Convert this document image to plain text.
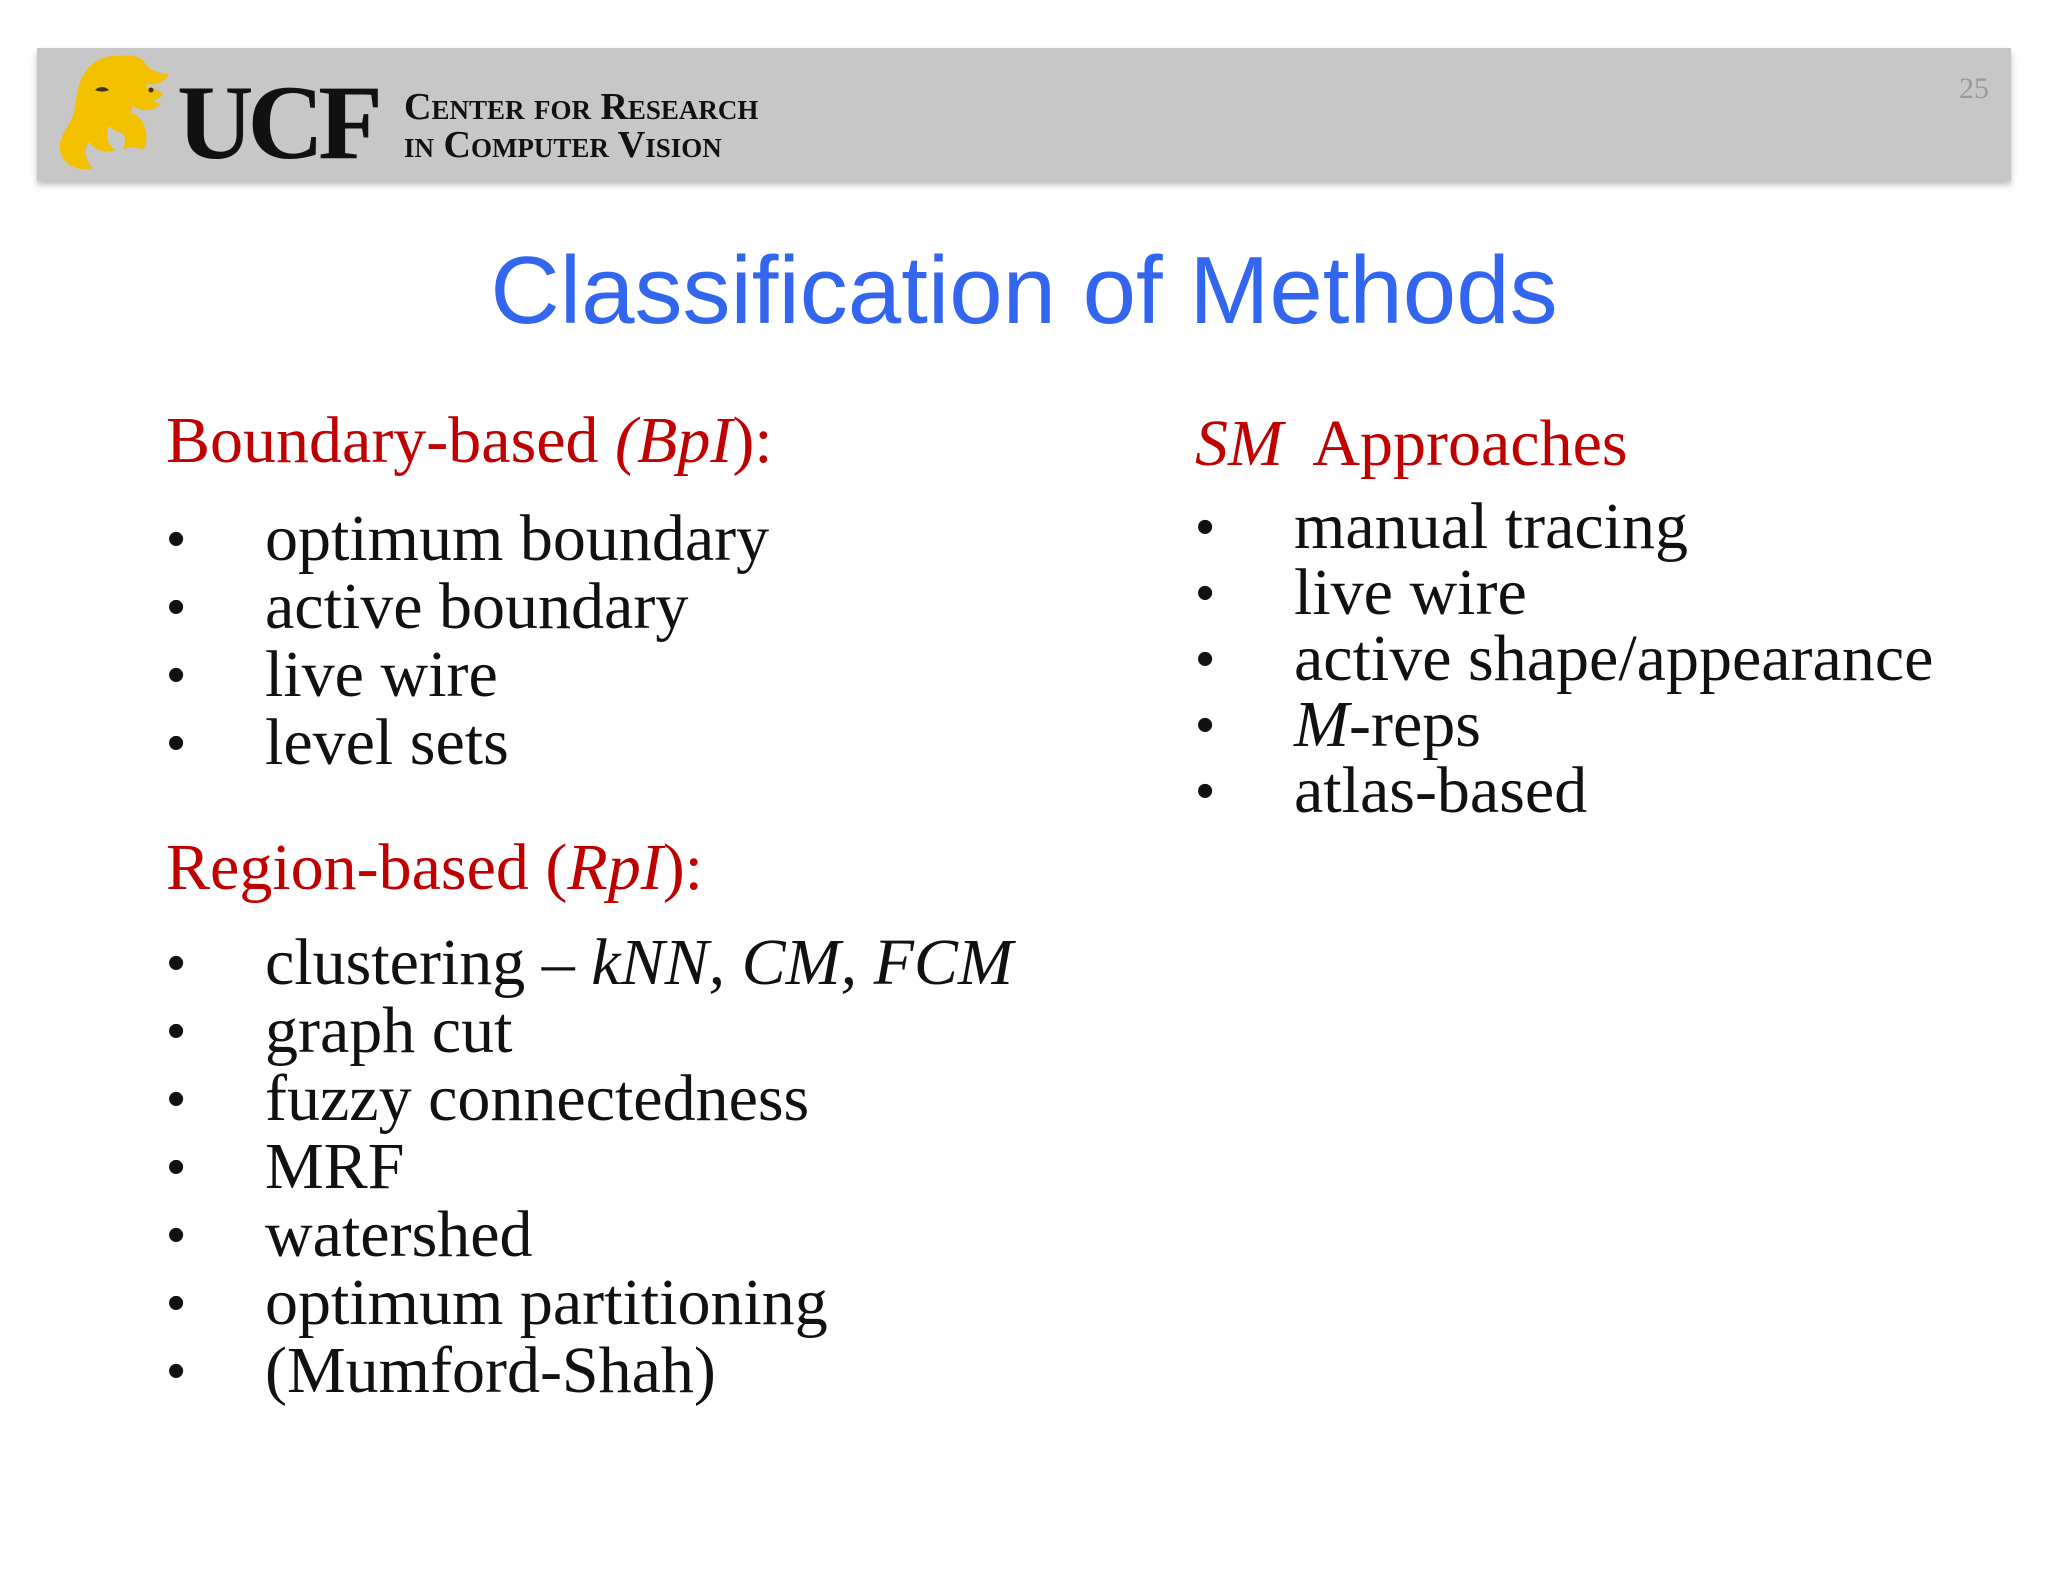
UCF Center for Research
in Computer Vision
25
Classification of Methods
Boundary-based (BpI):
• optimum boundary
• active boundary
• live wire
• level sets
Region-based (RpI):
• clustering – kNN, CM, FCM
• graph cut
• fuzzy connectedness
• MRF
• watershed
• optimum partitioning
• (Mumford-Shah)
SM  Approaches
• manual tracing
• live wire
• active shape/appearance
• M-reps
• atlas-based
